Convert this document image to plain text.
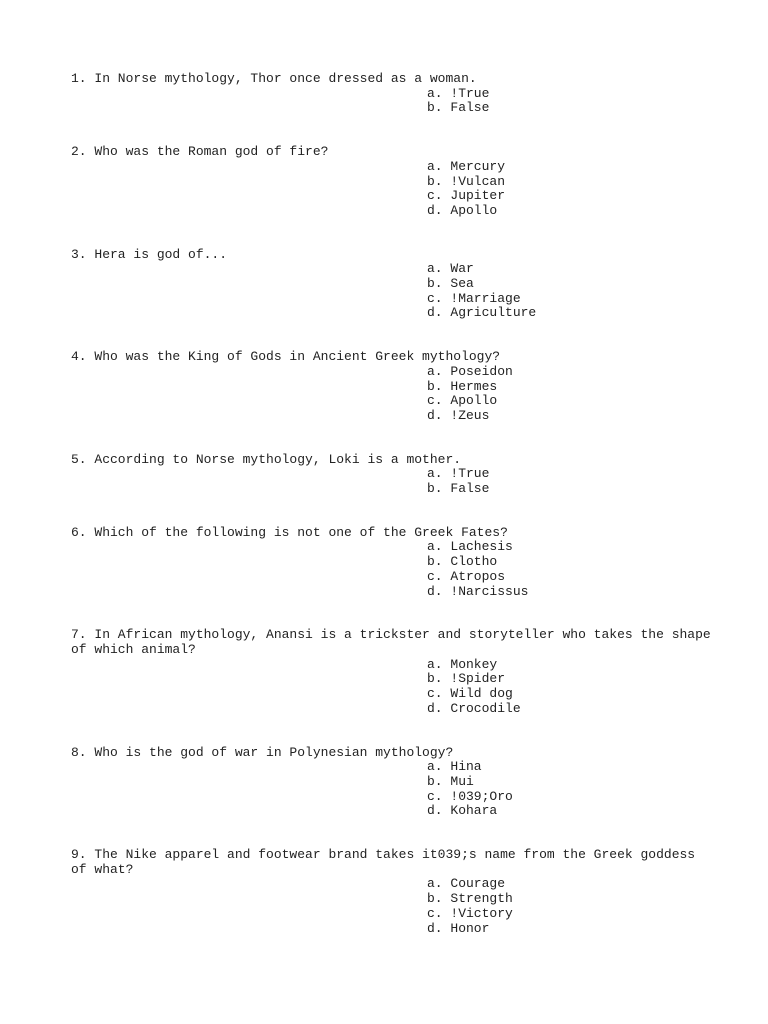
1. In Norse mythology, Thor once dressed as a woman.

a. !True
b. False

2. Who was the Roman god of fire?

a. Mercury
b. !Vulcan
c. Jupiter
d. Apollo

3. Hera is god of...

a. War
b. Sea
c. !Marriage
d. Agriculture

4. Who was the King of Gods in Ancient Greek mythology?

a. Poseidon
b. Hermes
c. Apollo
d. !Zeus

5. According to Norse mythology, Loki is a mother.

a. !True
b. False

6. Which of the following is not one of the Greek Fates?

a. Lachesis
b. Clotho
c. Atropos
d. !Narcissus

7. In African mythology, Anansi is a trickster and storyteller who takes the shape of which animal?

a. Monkey
b. !Spider
c. Wild dog
d. Crocodile

8. Who is the god of war in Polynesian mythology?

a. Hina
b. Mui
c. !039;Oro
d. Kohara

9. The Nike apparel and footwear brand takes it039;s name from the Greek goddess of what?

a. Courage
b. Strength
c. !Victory
d. Honor
